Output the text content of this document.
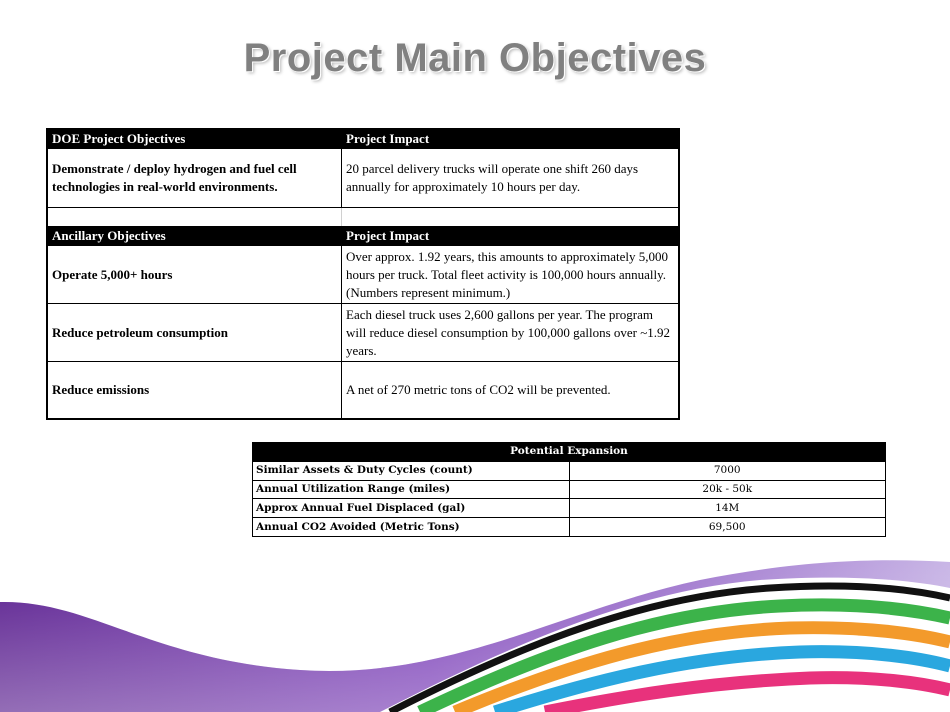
Project Main Objectives
DOE Project Objectives	Project Impact
Demonstrate / deploy hydrogen and fuel cell technologies in real-world environments.	20 parcel delivery trucks will operate one shift 260 days annually for approximately 10 hours per day.

Ancillary Objectives	Project Impact
Operate 5,000+ hours	Over approx. 1.92 years, this amounts to approximately 5,000 hours per truck. Total fleet activity is 100,000 hours annually. (Numbers represent minimum.)
Reduce petroleum consumption	Each diesel truck uses 2,600 gallons per year. The program will reduce diesel consumption by 100,000 gallons over ~1.92 years.
Reduce emissions	A net of 270 metric tons of CO2 will be prevented.
Potential Expansion	
Similar Assets & Duty Cycles (count)	7000
Annual Utilization Range (miles)	20k - 50k
Approx Annual Fuel Displaced (gal)	14M
Annual CO2 Avoided (Metric Tons)	69,500
